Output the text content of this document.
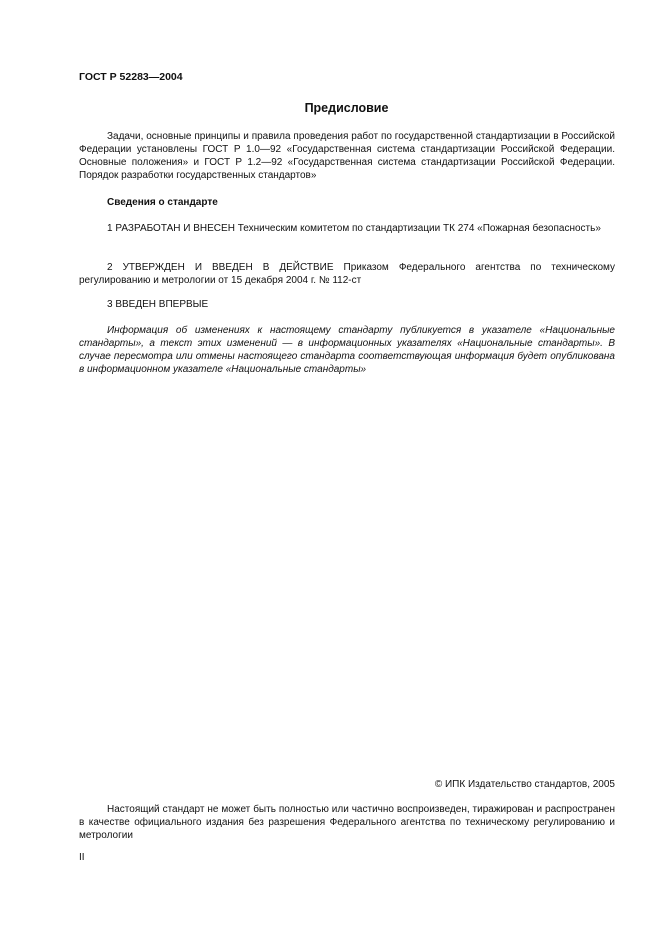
ГОСТ Р 52283—2004
Предисловие
Задачи, основные принципы и правила проведения работ по государственной стандартизации в Российской Федерации установлены ГОСТ Р 1.0—92 «Государственная система стандартизации Российской Федерации. Основные положения» и ГОСТ Р 1.2—92 «Государственная система стандартизации Российской Федерации. Порядок разработки государственных стандартов»
Сведения о стандарте
1 РАЗРАБОТАН И ВНЕСЕН Техническим комитетом по стандартизации ТК 274 «Пожарная безопасность»
2 УТВЕРЖДЕН И ВВЕДЕН В ДЕЙСТВИЕ Приказом Федерального агентства по техническому регулированию и метрологии от 15 декабря 2004 г. № 112-ст
3 ВВЕДЕН ВПЕРВЫЕ
Информация об изменениях к настоящему стандарту публикуется в указателе «Национальные стандарты», а текст этих изменений — в информационных указателях «Национальные стандарты». В случае пересмотра или отмены настоящего стандарта соответствующая информация будет опубликована в информационном указателе «Национальные стандарты»
© ИПК Издательство стандартов, 2005
Настоящий стандарт не может быть полностью или частично воспроизведен, тиражирован и распространен в качестве официального издания без разрешения Федерального агентства по техническому регулированию и метрологии
II
